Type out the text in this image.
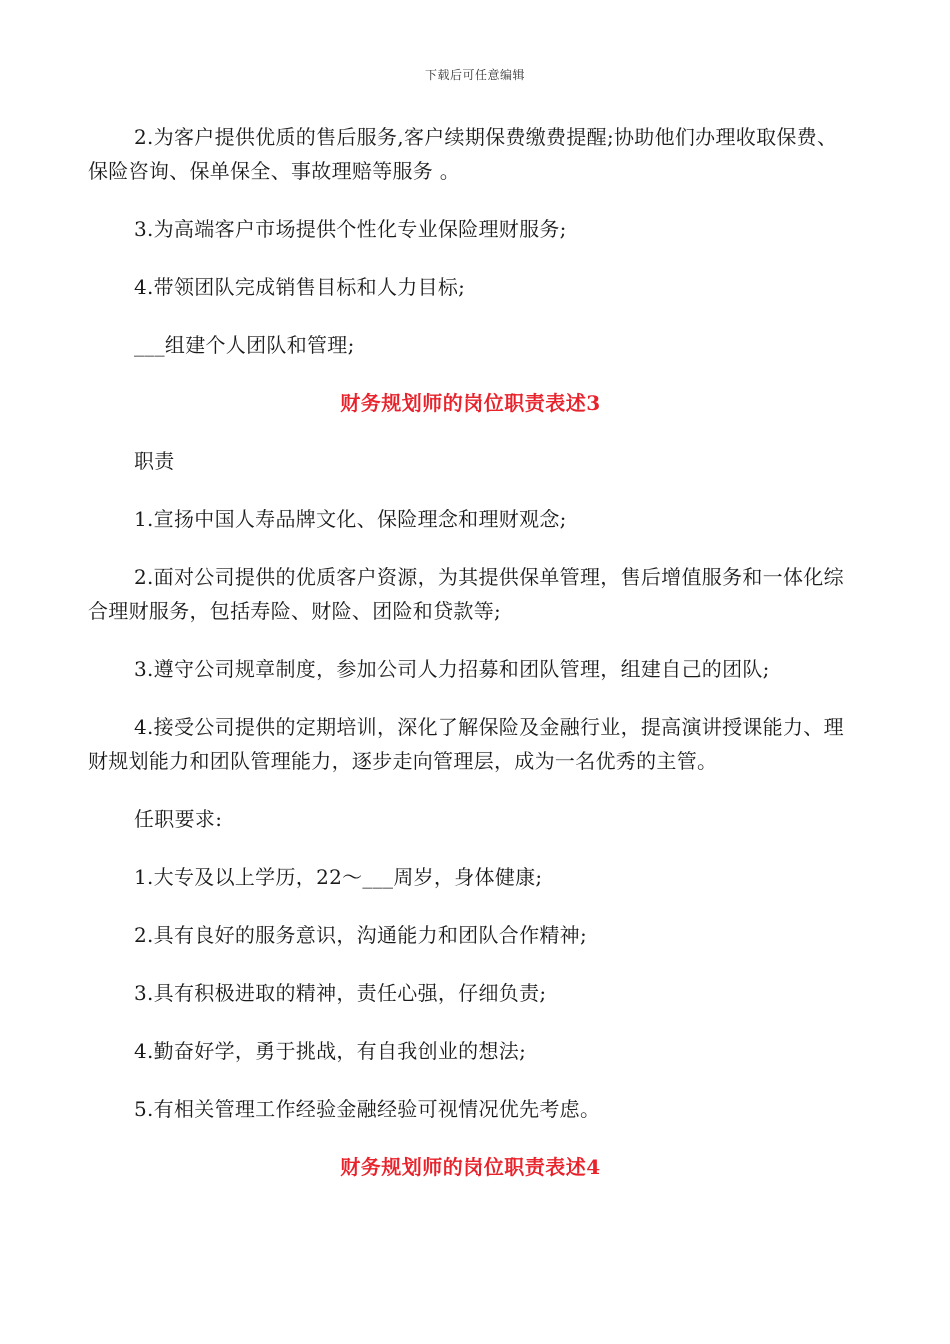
下载后可任意编辑

2.为客户提供优质的售后服务,客户续期保费缴费提醒;协助他们办理收取保费、保险咨询、保单保全、事故理赔等服务 。

3.为高端客户市场提供个性化专业保险理财服务;

4.带领团队完成销售目标和人力目标;

___组建个人团队和管理;

财务规划师的岗位职责表述3

职责

1.宣扬中国人寿品牌文化、保险理念和理财观念;

2.面对公司提供的优质客户资源，为其提供保单管理，售后增值服务和一体化综合理财服务，包括寿险、财险、团险和贷款等;

3.遵守公司规章制度，参加公司人力招募和团队管理，组建自己的团队;

4.接受公司提供的定期培训，深化了解保险及金融行业，提高演讲授课能力、理财规划能力和团队管理能力，逐步走向管理层，成为一名优秀的主管。

任职要求:

1.大专及以上学历，22～___周岁，身体健康;

2.具有良好的服务意识，沟通能力和团队合作精神;

3.具有积极进取的精神，责任心强，仔细负责;

4.勤奋好学，勇于挑战，有自我创业的想法;

5.有相关管理工作经验金融经验可视情况优先考虑。

财务规划师的岗位职责表述4
